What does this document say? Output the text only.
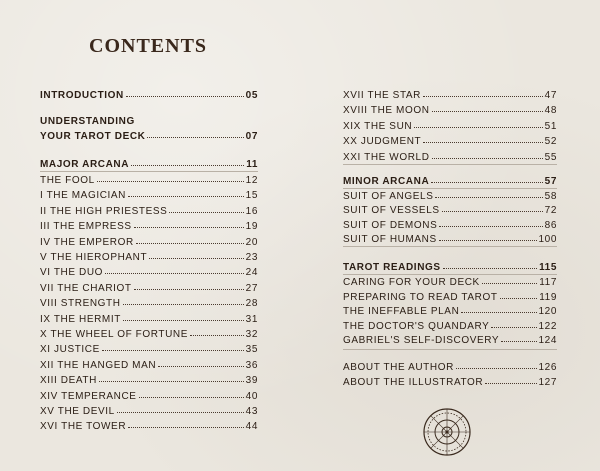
CONTENTS
INTRODUCTION	05
UNDERSTANDING
YOUR TAROT DECK	07
MAJOR ARCANA	11
THE FOOL	12
I THE MAGICIAN	15
II THE HIGH PRIESTESS	16
III THE EMPRESS	19
IV THE EMPEROR	20
V THE HIEROPHANT	23
VI THE DUO	24
VII THE CHARIOT	27
VIII STRENGTH	28
IX THE HERMIT	31
X THE WHEEL OF FORTUNE	32
XI JUSTICE	35
XII THE HANGED MAN	36
XIII DEATH	39
XIV TEMPERANCE	40
XV THE DEVIL	43
XVI THE TOWER	44
XVII THE STAR	47
XVIII THE MOON	48
XIX THE SUN	51
XX JUDGMENT	52
XXI THE WORLD	55
MINOR ARCANA	57
SUIT OF ANGELS	58
SUIT OF VESSELS	72
SUIT OF DEMONS	86
SUIT OF HUMANS	100
TAROT READINGS	115
CARING FOR YOUR DECK	117
PREPARING TO READ TAROT	119
THE INEFFABLE PLAN	120
THE DOCTOR'S QUANDARY	122
GABRIEL'S SELF-DISCOVERY	124
ABOUT THE AUTHOR	126
ABOUT THE ILLUSTRATOR	127
